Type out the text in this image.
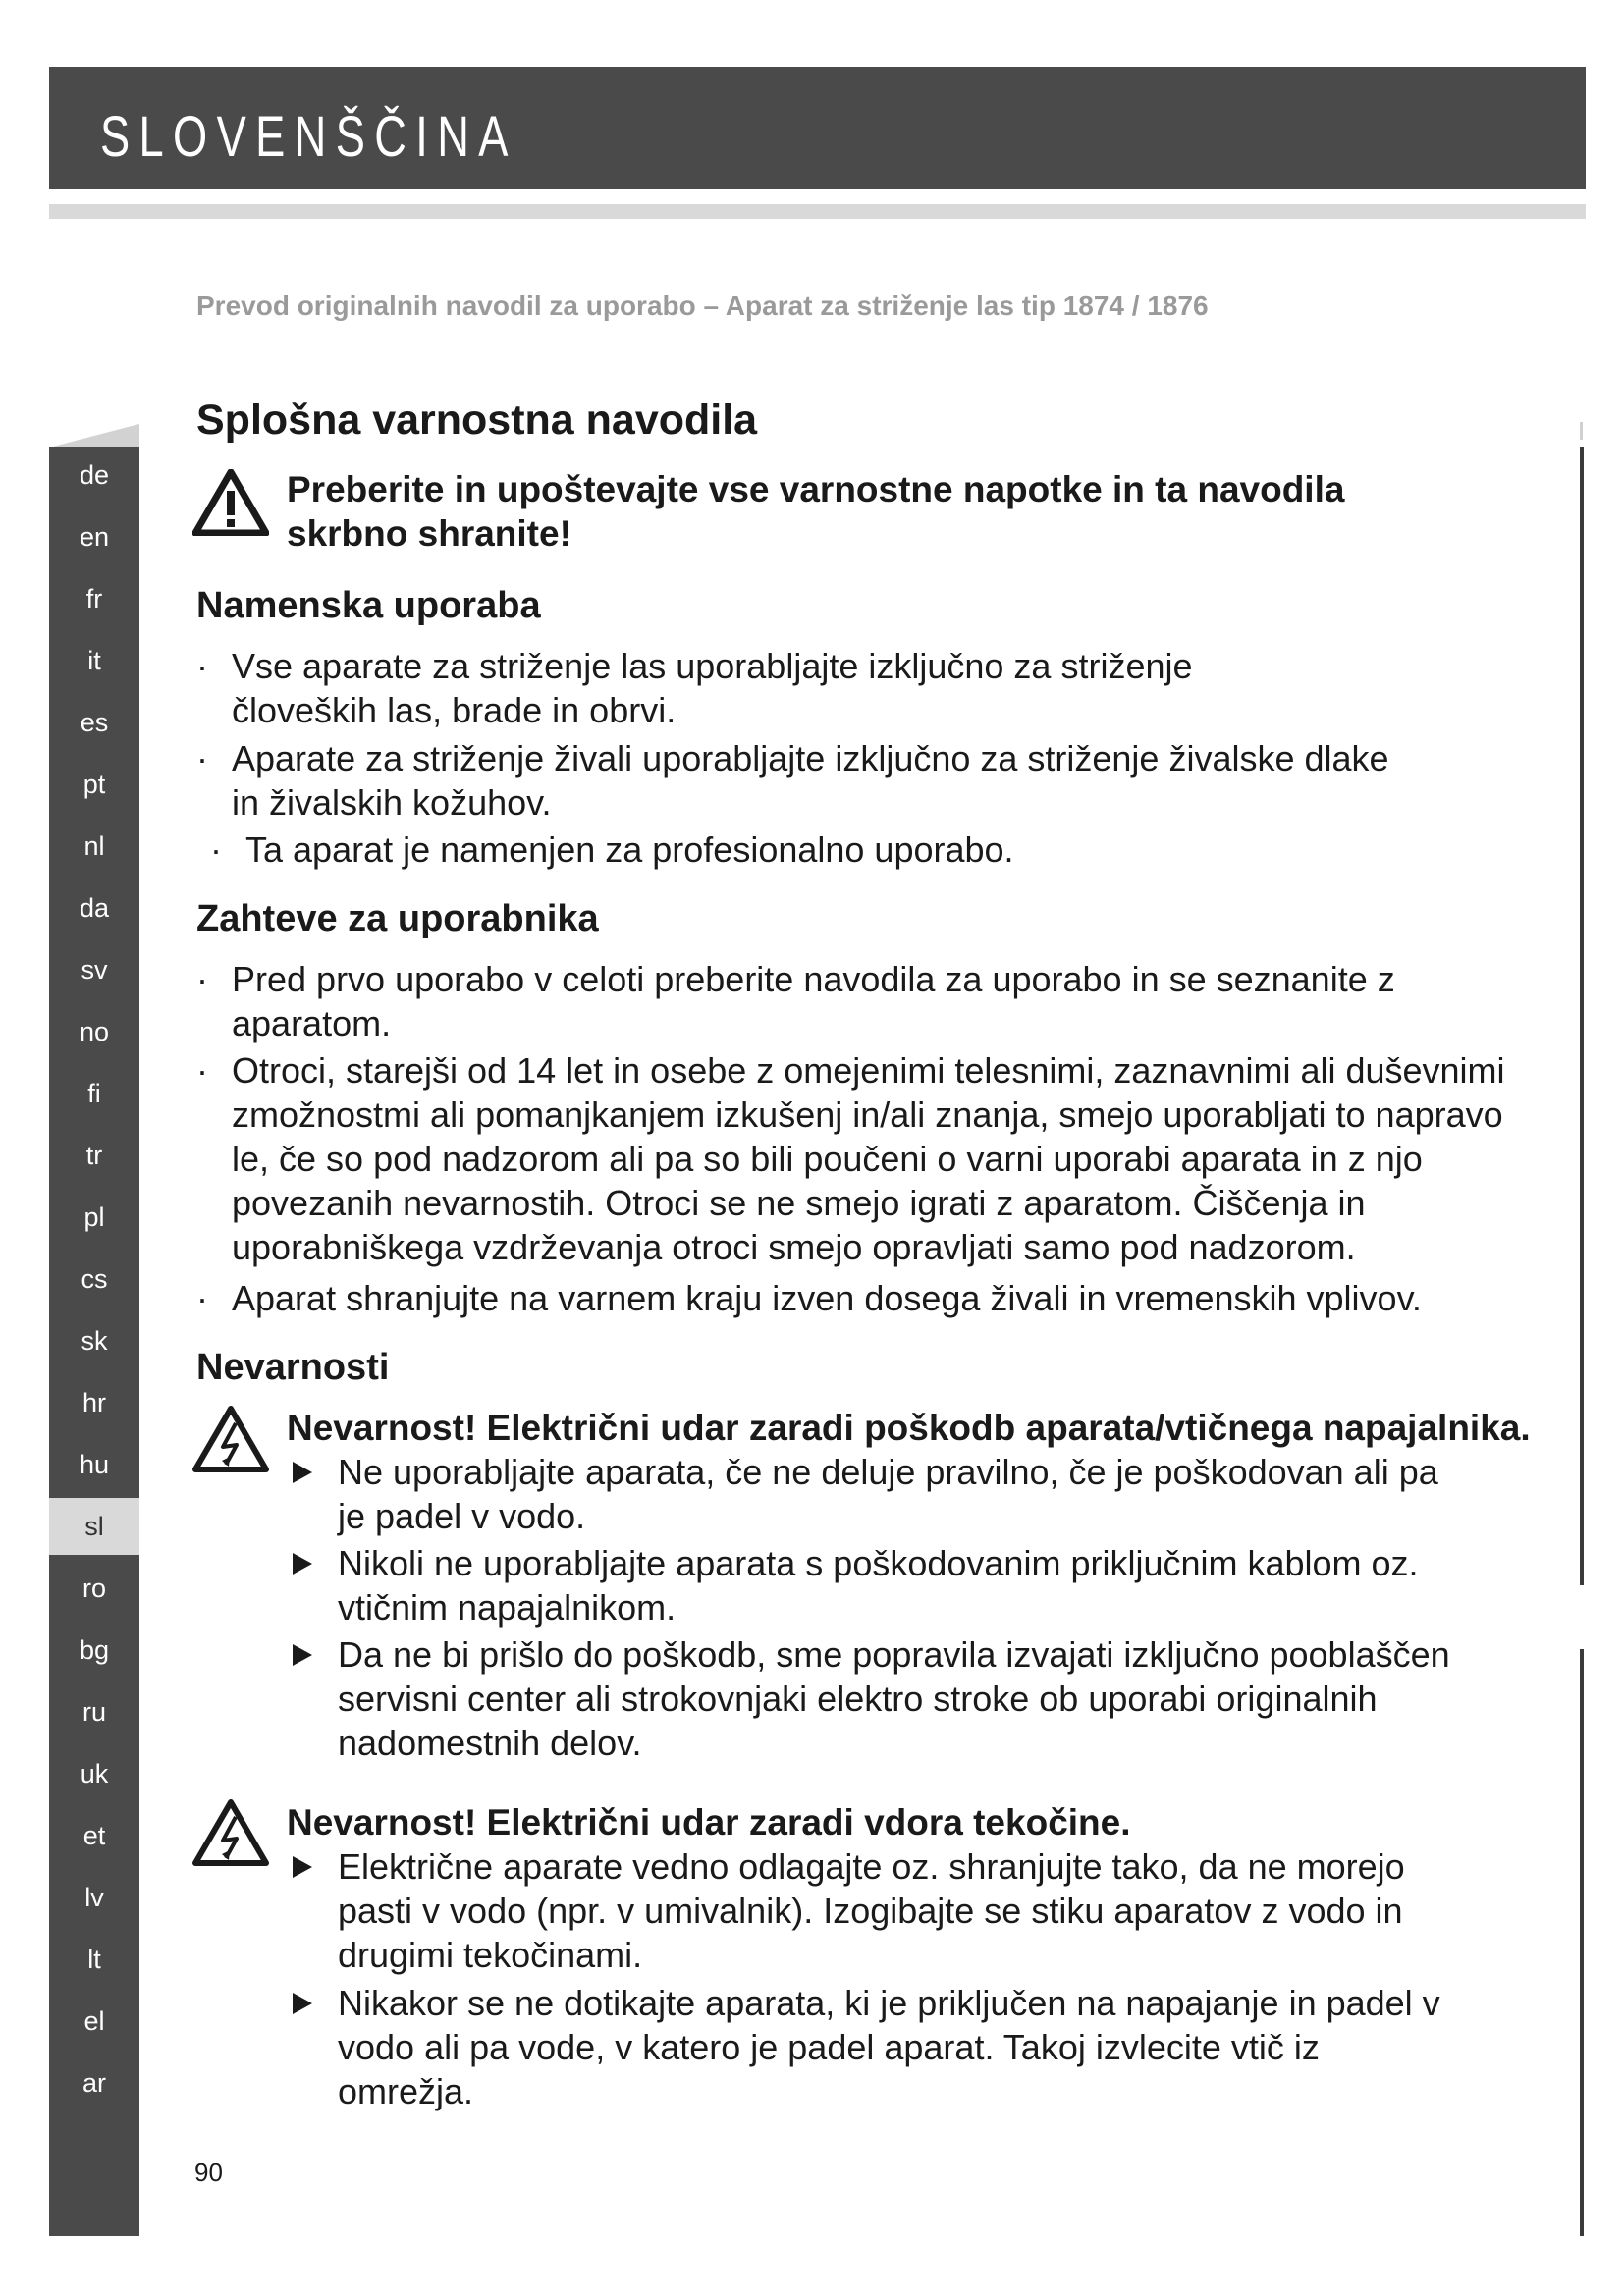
SLOVENŠČINA
de
en
fr
it
es
pt
nl
da
sv
no
fi
tr
pl
cs
sk
hr
hu
sl
ro
bg
ru
uk
et
lv
lt
el
ar
Prevod originalnih navodil za uporabo – Aparat za striženje las tip 1874 / 1876
Splošna varnostna navodila
Preberite in upoštevajte vse varnostne napotke in ta navodila skrbno shranite!
Namenska uporaba
· Vse aparate za striženje las uporabljajte izključno za striženje človeških las, brade in obrvi.
· Aparate za striženje živali uporabljajte izključno za striženje živalske dlake in živalskih kožuhov.
· Ta aparat je namenjen za profesionalno uporabo.
Zahteve za uporabnika
· Pred prvo uporabo v celoti preberite navodila za uporabo in se seznanite z aparatom.
· Otroci, starejši od 14 let in osebe z omejenimi telesnimi, zaznavnimi ali duševnimi zmožnostmi ali pomanjkanjem izkušenj in/ali znanja, smejo uporabljati to napravo le, če so pod nadzorom ali pa so bili poučeni o varni uporabi aparata in z njo povezanih nevarnostih. Otroci se ne smejo igrati z aparatom. Čiščenja in uporabniškega vzdrževanja otroci smejo opravljati samo pod nadzorom.
· Aparat shranjujte na varnem kraju izven dosega živali in vremenskih vplivov.
Nevarnosti
Nevarnost! Električni udar zaradi poškodb aparata/vtičnega napajalnika.
Ne uporabljajte aparata, če ne deluje pravilno, če je poškodovan ali pa je padel v vodo.
Nikoli ne uporabljajte aparata s poškodovanim priključnim kablom oz. vtičnim napajalnikom.
Da ne bi prišlo do poškodb, sme popravila izvajati izključno pooblaščen servisni center ali strokovnjaki elektro stroke ob uporabi originalnih nadomestnih delov.
Nevarnost! Električni udar zaradi vdora tekočine.
Električne aparate vedno odlagajte oz. shranjujte tako, da ne morejo pasti v vodo (npr. v umivalnik). Izogibajte se stiku aparatov z vodo in drugimi tekočinami.
Nikakor se ne dotikajte aparata, ki je priključen na napajanje in padel v vodo ali pa vode, v katero je padel aparat. Takoj izvlecite vtič iz omrežja.
90
